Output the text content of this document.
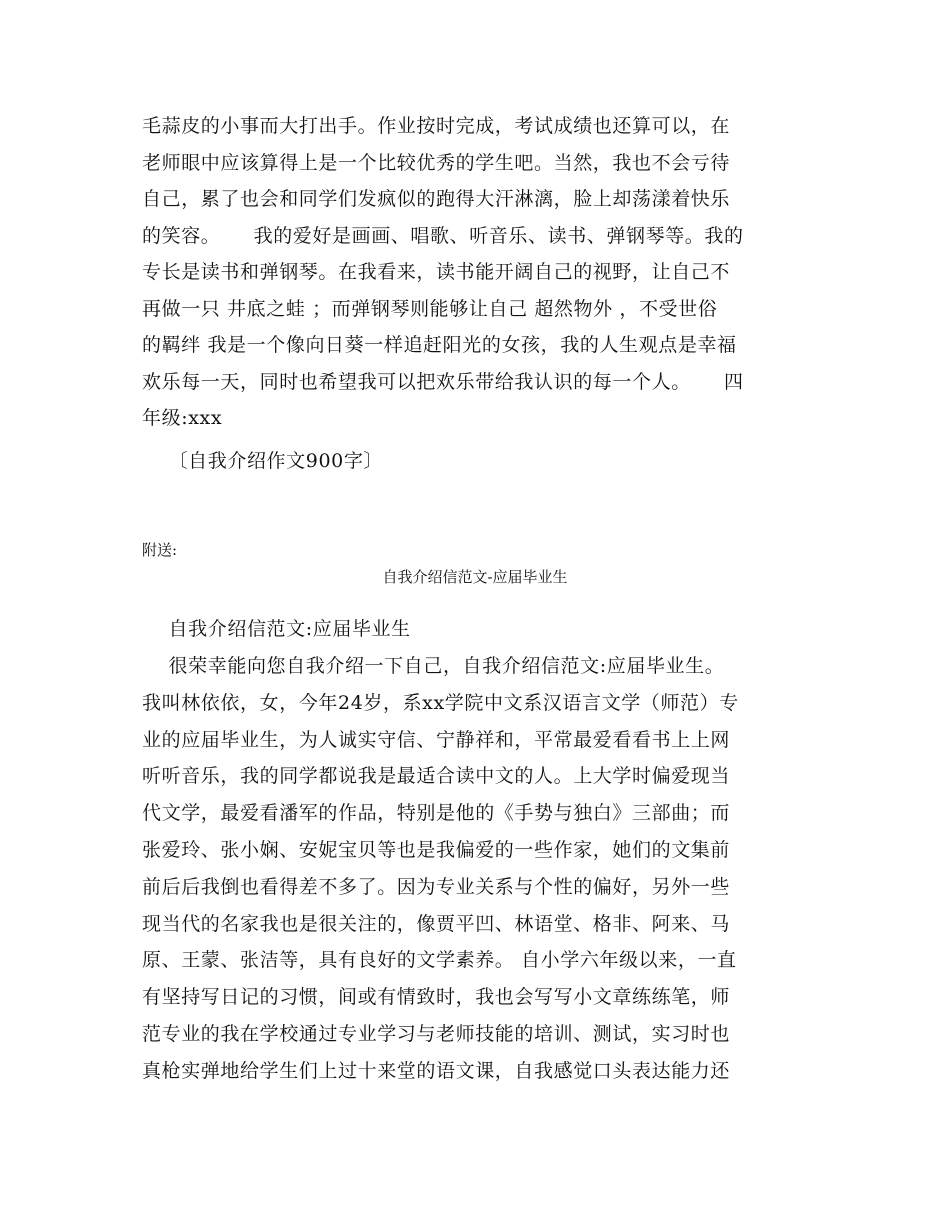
毛蒜皮的小事而大打出手。作业按时完成，考试成绩也还算可以，在
老师眼中应该算得上是一个比较优秀的学生吧。当然，我也不会亏待
自己，累了也会和同学们发疯似的跑得大汗淋漓，脸上却荡漾着快乐
的笑容。     我的爱好是画画、唱歌、听音乐、读书、弹钢琴等。我的
专长是读书和弹钢琴。在我看来，读书能开阔自己的视野，让自己不
再做一只 井底之蛙 ；而弹钢琴则能够让自己 超然物外 ，不受世俗
的羁绊 我是一个像向日葵一样追赶阳光的女孩，我的人生观点是幸福
欢乐每一天，同时也希望我可以把欢乐带给我认识的每一个人。     四
年级:xxx
〔自我介绍作文900字〕
附送:
自我介绍信范文-应届毕业生
自我介绍信范文:应届毕业生
很荣幸能向您自我介绍一下自己，自我介绍信范文:应届毕业生。
我叫林依依，女，今年24岁，系xx学院中文系汉语言文学（师范）专
业的应届毕业生，为人诚实守信、宁静祥和，平常最爱看看书上上网
听听音乐，我的同学都说我是最适合读中文的人。上大学时偏爱现当
代文学，最爱看潘军的作品，特别是他的《手势与独白》三部曲；而
张爱玲、张小娴、安妮宝贝等也是我偏爱的一些作家，她们的文集前
前后后我倒也看得差不多了。因为专业关系与个性的偏好，另外一些
现当代的名家我也是很关注的，像贾平凹、林语堂、格非、阿来、马
原、王蒙、张洁等，具有良好的文学素养。 自小学六年级以来，一直
有坚持写日记的习惯，间或有情致时，我也会写写小文章练练笔，师
范专业的我在学校通过专业学习与老师技能的培训、测试，实习时也
真枪实弹地给学生们上过十来堂的语文课，自我感觉口头表达能力还
